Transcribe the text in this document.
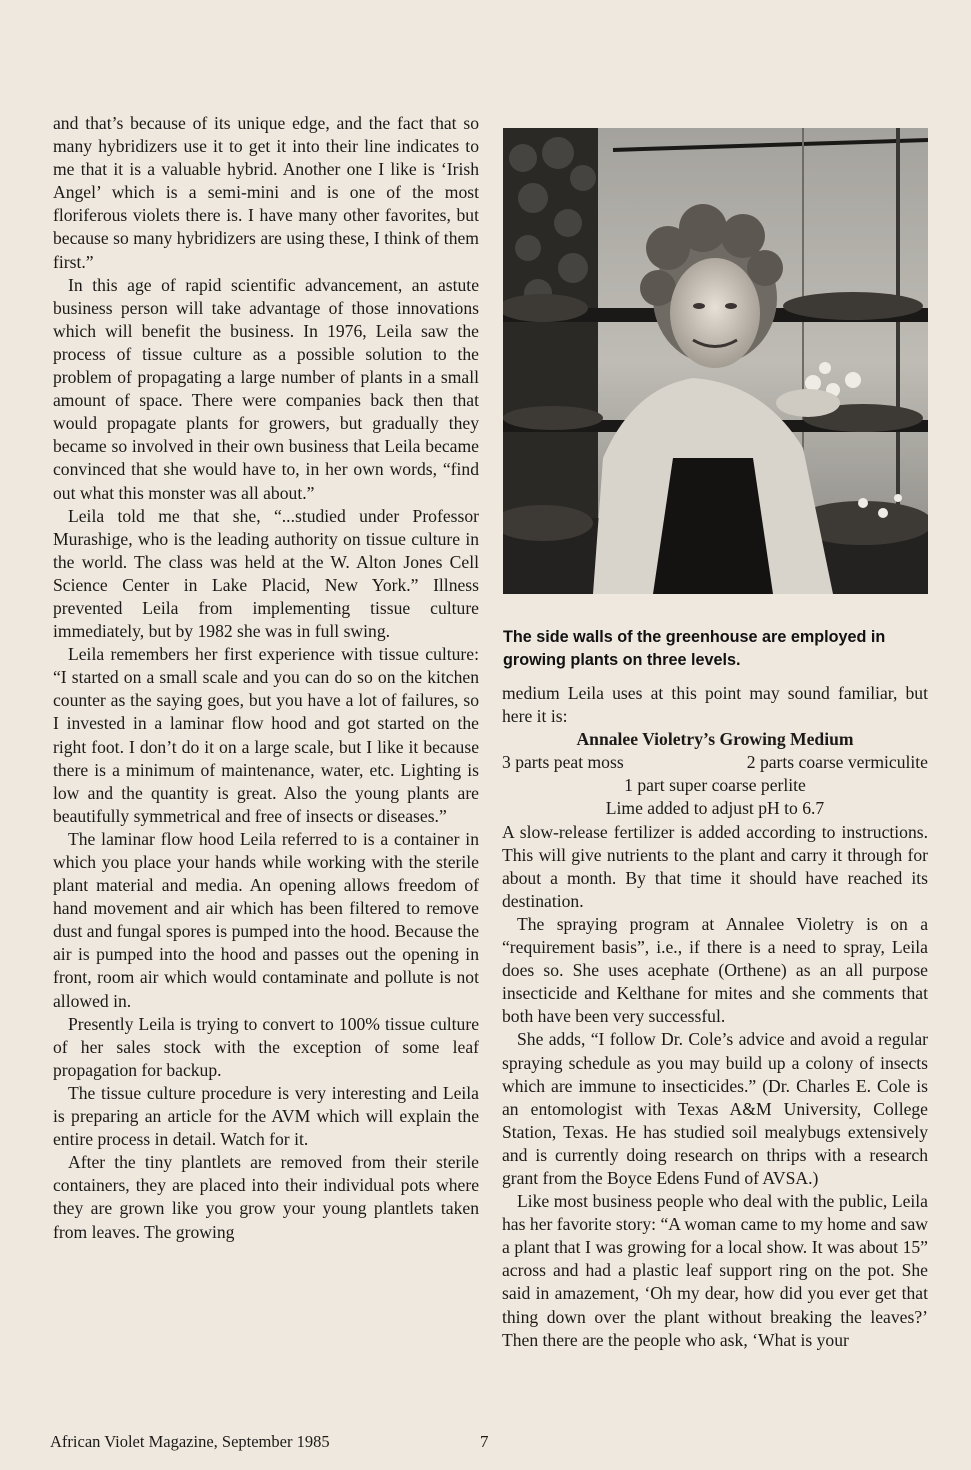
and that’s because of its unique edge, and the fact that so many hybridizers use it to get it into their line indicates to me that it is a valuable hybrid. Another one I like is ‘Irish Angel’ which is a semi-mini and is one of the most floriferous violets there is. I have many other favorites, but because so many hybridizers are using these, I think of them first.”

In this age of rapid scientific advancement, an astute business person will take advantage of those innovations which will benefit the business. In 1976, Leila saw the process of tissue culture as a possible solution to the problem of propagating a large number of plants in a small amount of space. There were companies back then that would propagate plants for growers, but gradually they became so involved in their own business that Leila became convinced that she would have to, in her own words, “find out what this monster was all about.”

Leila told me that she, “...studied under Professor Murashige, who is the leading authority on tissue culture in the world. The class was held at the W. Alton Jones Cell Science Center in Lake Placid, New York.” Illness prevented Leila from implementing tissue culture immediately, but by 1982 she was in full swing.

Leila remembers her first experience with tissue culture: “I started on a small scale and you can do so on the kitchen counter as the saying goes, but you have a lot of failures, so I invested in a laminar flow hood and got started on the right foot. I don’t do it on a large scale, but I like it because there is a minimum of maintenance, water, etc. Lighting is low and the quantity is great. Also the young plants are beautifully symmetrical and free of insects or diseases.”

The laminar flow hood Leila referred to is a container in which you place your hands while working with the sterile plant material and media. An opening allows freedom of hand movement and air which has been filtered to remove dust and fungal spores is pumped into the hood. Because the air is pumped into the hood and passes out the opening in front, room air which would contaminate and pollute is not allowed in.

Presently Leila is trying to convert to 100% tissue culture of her sales stock with the exception of some leaf propagation for backup.

The tissue culture procedure is very interesting and Leila is preparing an article for the AVM which will explain the entire process in detail. Watch for it.

After the tiny plantlets are removed from their sterile containers, they are placed into their individual pots where they are grown like you grow your young plantlets taken from leaves. The growing

The side walls of the greenhouse are employed in growing plants on three levels.

medium Leila uses at this point may sound familiar, but here it is:

Annalee Violetry’s Growing Medium

3 parts peat moss	2 parts coarse vermiculite

1 part super coarse perlite

Lime added to adjust pH to 6.7

A slow-release fertilizer is added according to instructions. This will give nutrients to the plant and carry it through for about a month. By that time it should have reached its destination.

The spraying program at Annalee Violetry is on a “requirement basis”, i.e., if there is a need to spray, Leila does so. She uses acephate (Orthene) as an all purpose insecticide and Kelthane for mites and she comments that both have been very successful.

She adds, “I follow Dr. Cole’s advice and avoid a regular spraying schedule as you may build up a colony of insects which are immune to insecticides.” (Dr. Charles E. Cole is an entomologist with Texas A&M University, College Station, Texas. He has studied soil mealybugs extensively and is currently doing research on thrips with a research grant from the Boyce Edens Fund of AVSA.)

Like most business people who deal with the public, Leila has her favorite story: “A woman came to my home and saw a plant that I was growing for a local show. It was about 15” across and had a plastic leaf support ring on the pot. She said in amazement, ‘Oh my dear, how did you ever get that thing down over the plant without breaking the leaves?’ Then there are the people who ask, ‘What is your

African Violet Magazine, September 1985	7
